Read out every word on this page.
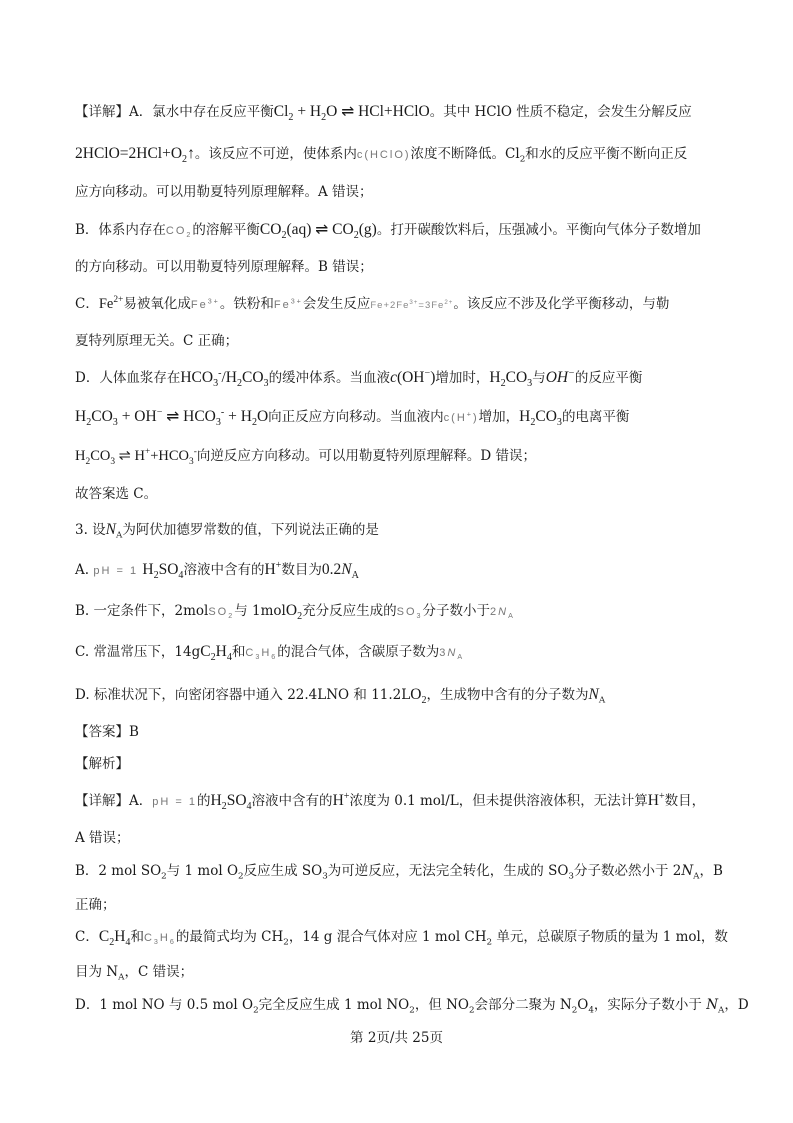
【详解】A．氯水中存在反应平衡$Cl_2 + H_2O$ ⇌ HCl+HClO。其中 HClO 性质不稳定，会发生分解反应
$2HClO=2HCl+O_2↑$。该反应不可逆，使体系内c(HClO)浓度不断降低。$Cl_2$和水的反应平衡不断向正反
应方向移动。可以用勒夏特列原理解释。A 错误；
B．体系内存在$CO_2$的溶解平衡$CO_2(aq)$ ⇌ $CO_2(g)$。打开碳酸饮料后，压强减小。平衡向气体分子数增加
的方向移动。可以用勒夏特列原理解释。B 错误；
C．$Fe^{2+}$易被氧化成$Fe^{3+}$。铁粉和$Fe^{3+}$会发生反应$Fe+2Fe^{3+}=3Fe^{2+}$。该反应不涉及化学平衡移动，与勒
夏特列原理无关。C 正确；
D．人体血浆存在$HCO_3^-/H_2CO_3$的缓冲体系。当血液c(OH−)增加时，$H_2CO_3$与OH−的反应平衡
$H_2CO_3 + OH^-$ ⇌ $HCO_3^- + H_2O$向正反应方向移动。当血液内c(H+)增加，$H_2CO_3$的电离平衡
$H_2CO_3$ ⇌ $H^++HCO_3^-$向逆反应方向移动。可以用勒夏特列原理解释。D 错误；
故答案选 C。
3. 设$N_A$为阿伏加德罗常数的值，下列说法正确的是
A. pH = 1 $H_2SO_4$溶液中含有的H+数目为$0.2N_A$
B. 一定条件下，2molSO$_2$与 1molO$_2$充分反应生成的$SO_3$分子数小于$2N_A$
C. 常温常压下，$14gC_2H_4$和$C_3H_6$的混合气体，含碳原子数为$3N_A$
D. 标准状况下，向密闭容器中通入 22.4LNO 和 $11.2LO_2$，生成物中含有的分子数为$N_A$
【答案】B
【解析】
【详解】A．pH = 1的$H_2SO_4$溶液中含有的H+浓度为 0.1 mol/L，但未提供溶液体积，无法计算H+数目，
A 错误；
B．2 mol $SO_2$与 1 mol $O_2$反应生成 $SO_3$为可逆反应，无法完全转化，生成的 $SO_3$分子数必然小于 $2N_A$，B
正确；
C．$C_2H_4$和$C_3H_6$的最简式均为 $CH_2$，14 g 混合气体对应 1 mol $CH_2$ 单元，总碳原子物质的量为 1 mol，数
目为 $N_A$，C 错误；
D．1 mol NO 与 0.5 mol $O_2$完全反应生成 1 mol $NO_2$，但 $NO_2$会部分二聚为 $N_2O_4$，实际分子数小于 $N_A$，D
第 2页/共 25页
